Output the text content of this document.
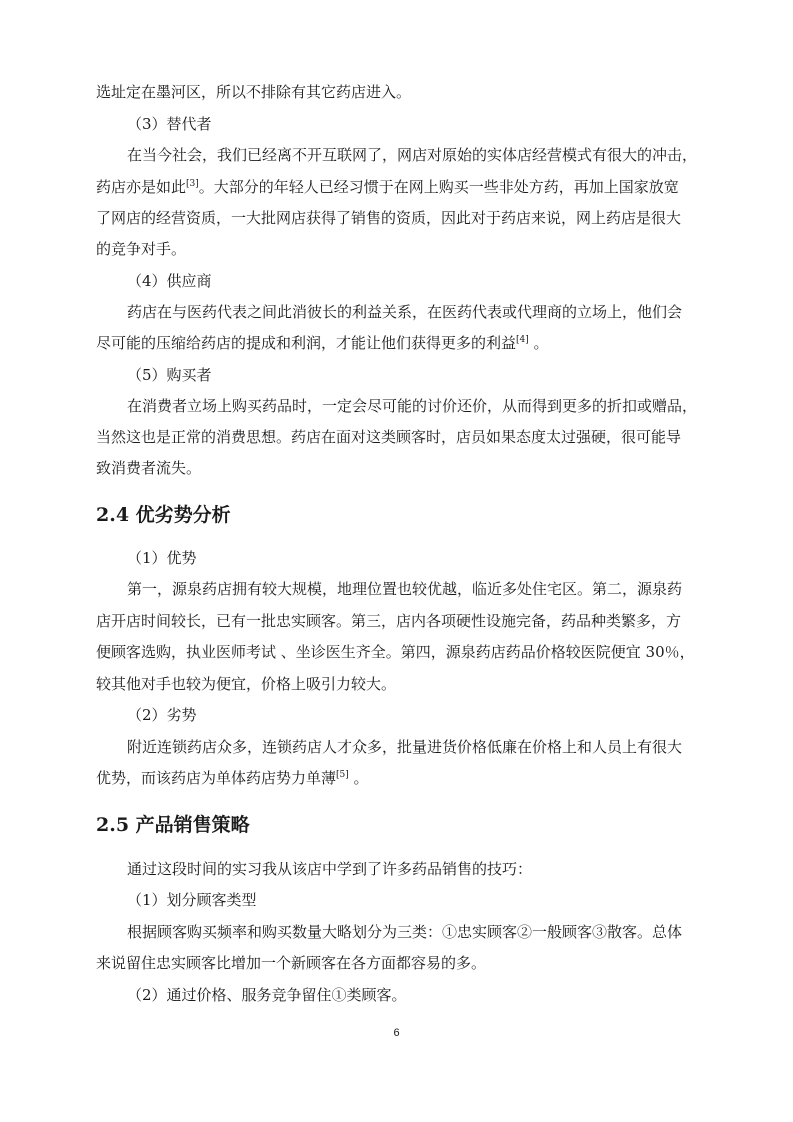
选址定在墨河区，所以不排除有其它药店进入。
（3）替代者
在当今社会，我们已经离不开互联网了，网店对原始的实体店经营模式有很大的冲击，
药店亦是如此[3]。大部分的年轻人已经习惯于在网上购买一些非处方药，再加上国家放宽
了网店的经营资质，一大批网店获得了销售的资质，因此对于药店来说，网上药店是很大
的竞争对手。
（4）供应商
药店在与医药代表之间此消彼长的利益关系，在医药代表或代理商的立场上，他们会
尽可能的压缩给药店的提成和利润，才能让他们获得更多的利益[4] 。
（5）购买者
在消费者立场上购买药品时，一定会尽可能的讨价还价，从而得到更多的折扣或赠品，
当然这也是正常的消费思想。药店在面对这类顾客时，店员如果态度太过强硬，很可能导
致消费者流失。
2.4 优劣势分析
（1）优势
第一，源泉药店拥有较大规模，地理位置也较优越，临近多处住宅区。第二，源泉药
店开店时间较长，已有一批忠实顾客。第三，店内各项硬性设施完备，药品种类繁多，方
便顾客选购，执业医师考试 、坐诊医生齐全。第四，源泉药店药品价格较医院便宜 30％，
较其他对手也较为便宜，价格上吸引力较大。
（2）劣势
附近连锁药店众多，连锁药店人才众多，批量进货价格低廉在价格上和人员上有很大
优势，而该药店为单体药店势力单薄[5] 。
2.5 产品销售策略
通过这段时间的实习我从该店中学到了许多药品销售的技巧：
（1）划分顾客类型
根据顾客购买频率和购买数量大略划分为三类：①忠实顾客②一般顾客③散客。总体
来说留住忠实顾客比增加一个新顾客在各方面都容易的多。
（2）通过价格、服务竞争留住①类顾客。
6
